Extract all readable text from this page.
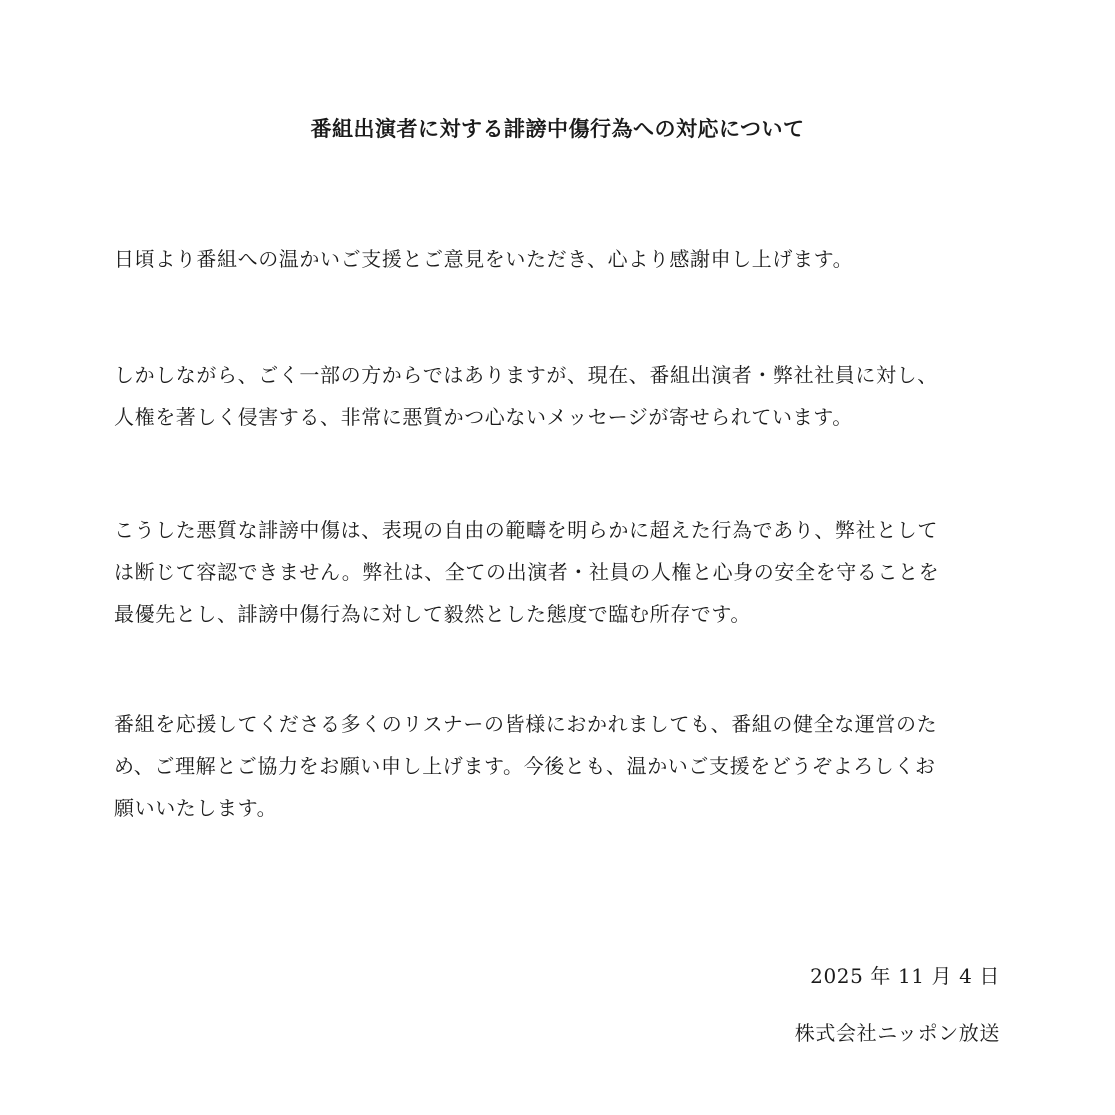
番組出演者に対する誹謗中傷行為への対応について
日頃より番組への温かいご支援とご意見をいただき、心より感謝申し上げます。
しかしながら、ごく一部の方からではありますが、現在、番組出演者・弊社社員に対し、
人権を著しく侵害する、非常に悪質かつ心ないメッセージが寄せられています。
こうした悪質な誹謗中傷は、表現の自由の範疇を明らかに超えた行為であり、弊社として
は断じて容認できません。弊社は、全ての出演者・社員の人権と心身の安全を守ることを
最優先とし、誹謗中傷行為に対して毅然とした態度で臨む所存です。
番組を応援してくださる多くのリスナーの皆様におかれましても、番組の健全な運営のた
め、ご理解とご協力をお願い申し上げます。今後とも、温かいご支援をどうぞよろしくお
願いいたします。
2025 年 11 月 4 日
株式会社ニッポン放送
